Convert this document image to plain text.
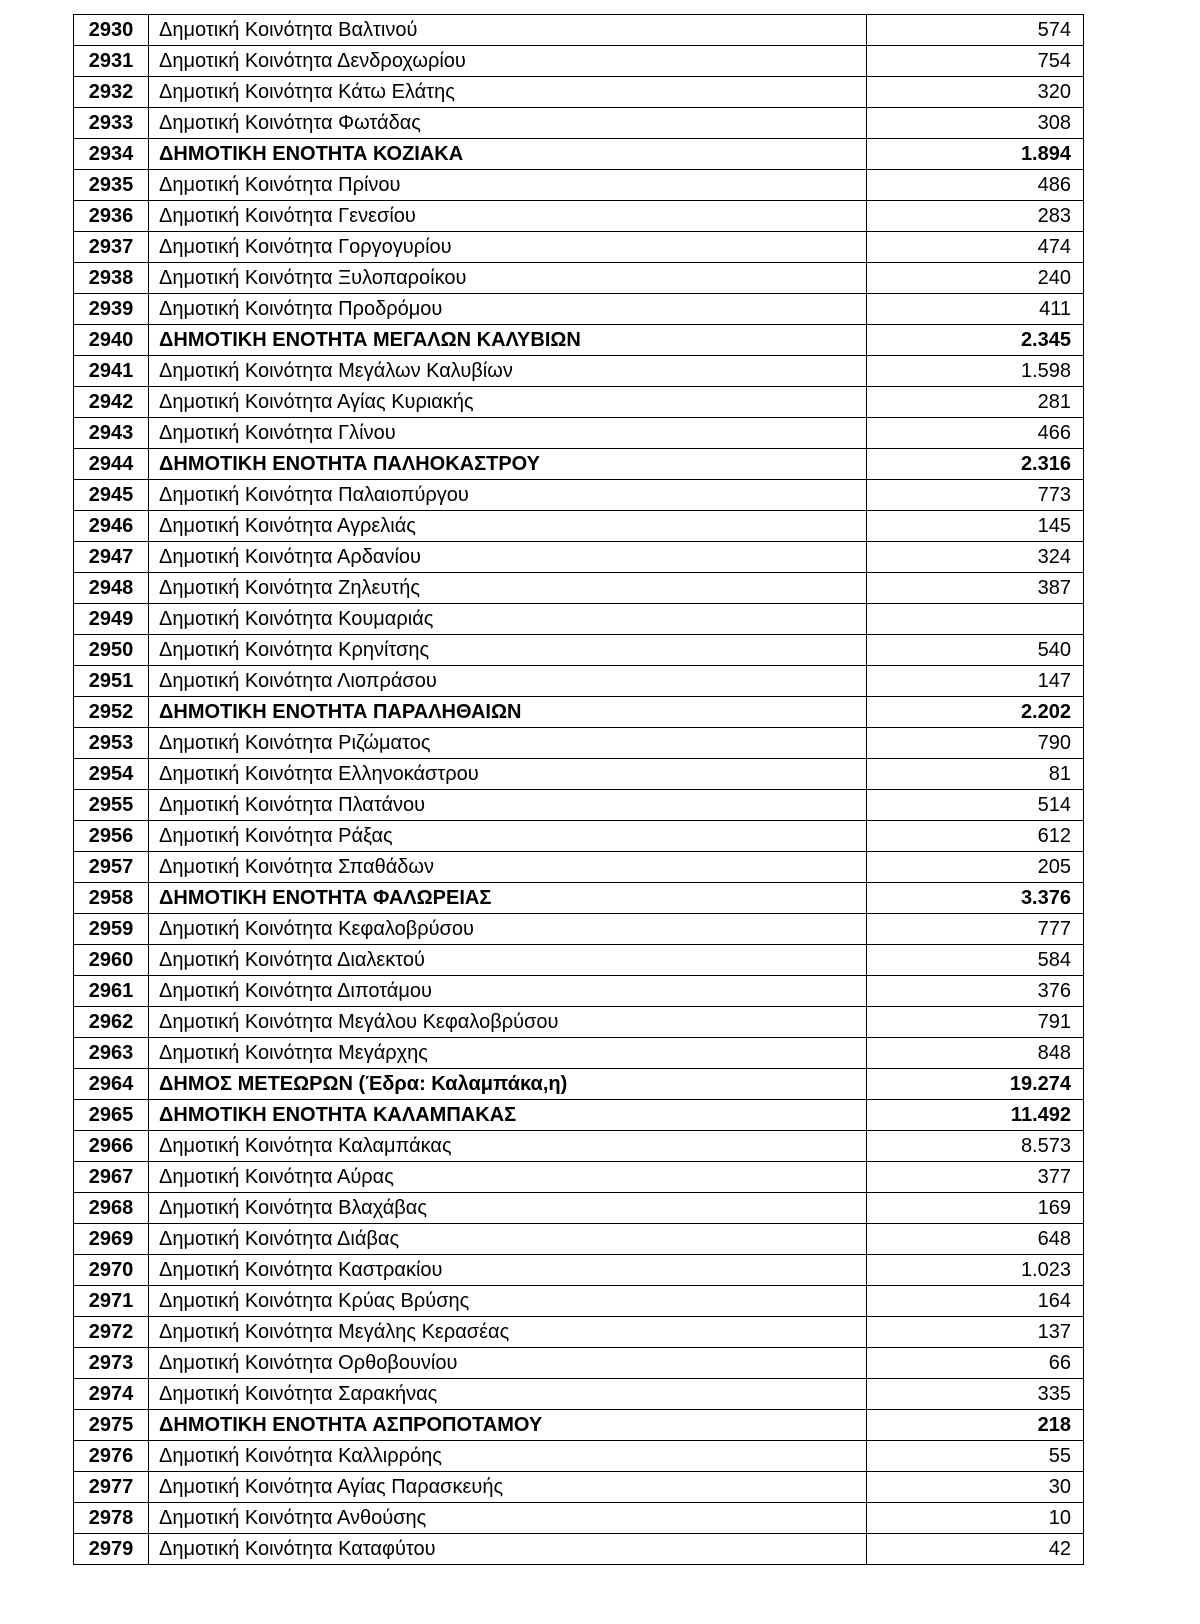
2930	Δημοτική Κοινότητα Βαλτινού	574
2931	Δημοτική Κοινότητα Δενδροχωρίου	754
2932	Δημοτική Κοινότητα Κάτω Ελάτης	320
2933	Δημοτική Κοινότητα Φωτάδας	308
2934	ΔΗΜΟΤΙΚΗ ΕΝΟΤΗΤΑ ΚΟΖΙΑΚΑ	1.894
2935	Δημοτική Κοινότητα Πρίνου	486
2936	Δημοτική Κοινότητα Γενεσίου	283
2937	Δημοτική Κοινότητα Γοργογυρίου	474
2938	Δημοτική Κοινότητα Ξυλοπαροίκου	240
2939	Δημοτική Κοινότητα Προδρόμου	411
2940	ΔΗΜΟΤΙΚΗ ΕΝΟΤΗΤΑ ΜΕΓΑΛΩΝ ΚΑΛΥΒΙΩΝ	2.345
2941	Δημοτική Κοινότητα Μεγάλων Καλυβίων	1.598
2942	Δημοτική Κοινότητα Αγίας Κυριακής	281
2943	Δημοτική Κοινότητα Γλίνου	466
2944	ΔΗΜΟΤΙΚΗ ΕΝΟΤΗΤΑ ΠΑΛΗΟΚΑΣΤΡΟΥ	2.316
2945	Δημοτική Κοινότητα Παλαιοπύργου	773
2946	Δημοτική Κοινότητα Αγρελιάς	145
2947	Δημοτική Κοινότητα Αρδανίου	324
2948	Δημοτική Κοινότητα Ζηλευτής	387
2949	Δημοτική Κοινότητα Κουμαριάς	
2950	Δημοτική Κοινότητα Κρηνίτσης	540
2951	Δημοτική Κοινότητα Λιοπράσου	147
2952	ΔΗΜΟΤΙΚΗ ΕΝΟΤΗΤΑ ΠΑΡΑΛΗΘΑΙΩΝ	2.202
2953	Δημοτική Κοινότητα Ριζώματος	790
2954	Δημοτική Κοινότητα Ελληνοκάστρου	81
2955	Δημοτική Κοινότητα Πλατάνου	514
2956	Δημοτική Κοινότητα Ράξας	612
2957	Δημοτική Κοινότητα Σπαθάδων	205
2958	ΔΗΜΟΤΙΚΗ ΕΝΟΤΗΤΑ ΦΑΛΩΡΕΙΑΣ	3.376
2959	Δημοτική Κοινότητα Κεφαλοβρύσου	777
2960	Δημοτική Κοινότητα Διαλεκτού	584
2961	Δημοτική Κοινότητα Διποτάμου	376
2962	Δημοτική Κοινότητα Μεγάλου Κεφαλοβρύσου	791
2963	Δημοτική Κοινότητα Μεγάρχης	848
2964	ΔΗΜΟΣ ΜΕΤΕΩΡΩΝ (Έδρα: Καλαμπάκα,η)	19.274
2965	ΔΗΜΟΤΙΚΗ ΕΝΟΤΗΤΑ ΚΑΛΑΜΠΑΚΑΣ	11.492
2966	Δημοτική Κοινότητα Καλαμπάκας	8.573
2967	Δημοτική Κοινότητα Αύρας	377
2968	Δημοτική Κοινότητα Βλαχάβας	169
2969	Δημοτική Κοινότητα Διάβας	648
2970	Δημοτική Κοινότητα Καστρακίου	1.023
2971	Δημοτική Κοινότητα Κρύας Βρύσης	164
2972	Δημοτική Κοινότητα Μεγάλης Κερασέας	137
2973	Δημοτική Κοινότητα Ορθοβουνίου	66
2974	Δημοτική Κοινότητα Σαρακήνας	335
2975	ΔΗΜΟΤΙΚΗ ΕΝΟΤΗΤΑ ΑΣΠΡΟΠΟΤΑΜΟΥ	218
2976	Δημοτική Κοινότητα Καλλιρρόης	55
2977	Δημοτική Κοινότητα Αγίας Παρασκευής	30
2978	Δημοτική Κοινότητα Ανθούσης	10
2979	Δημοτική Κοινότητα Καταφύτου	42
